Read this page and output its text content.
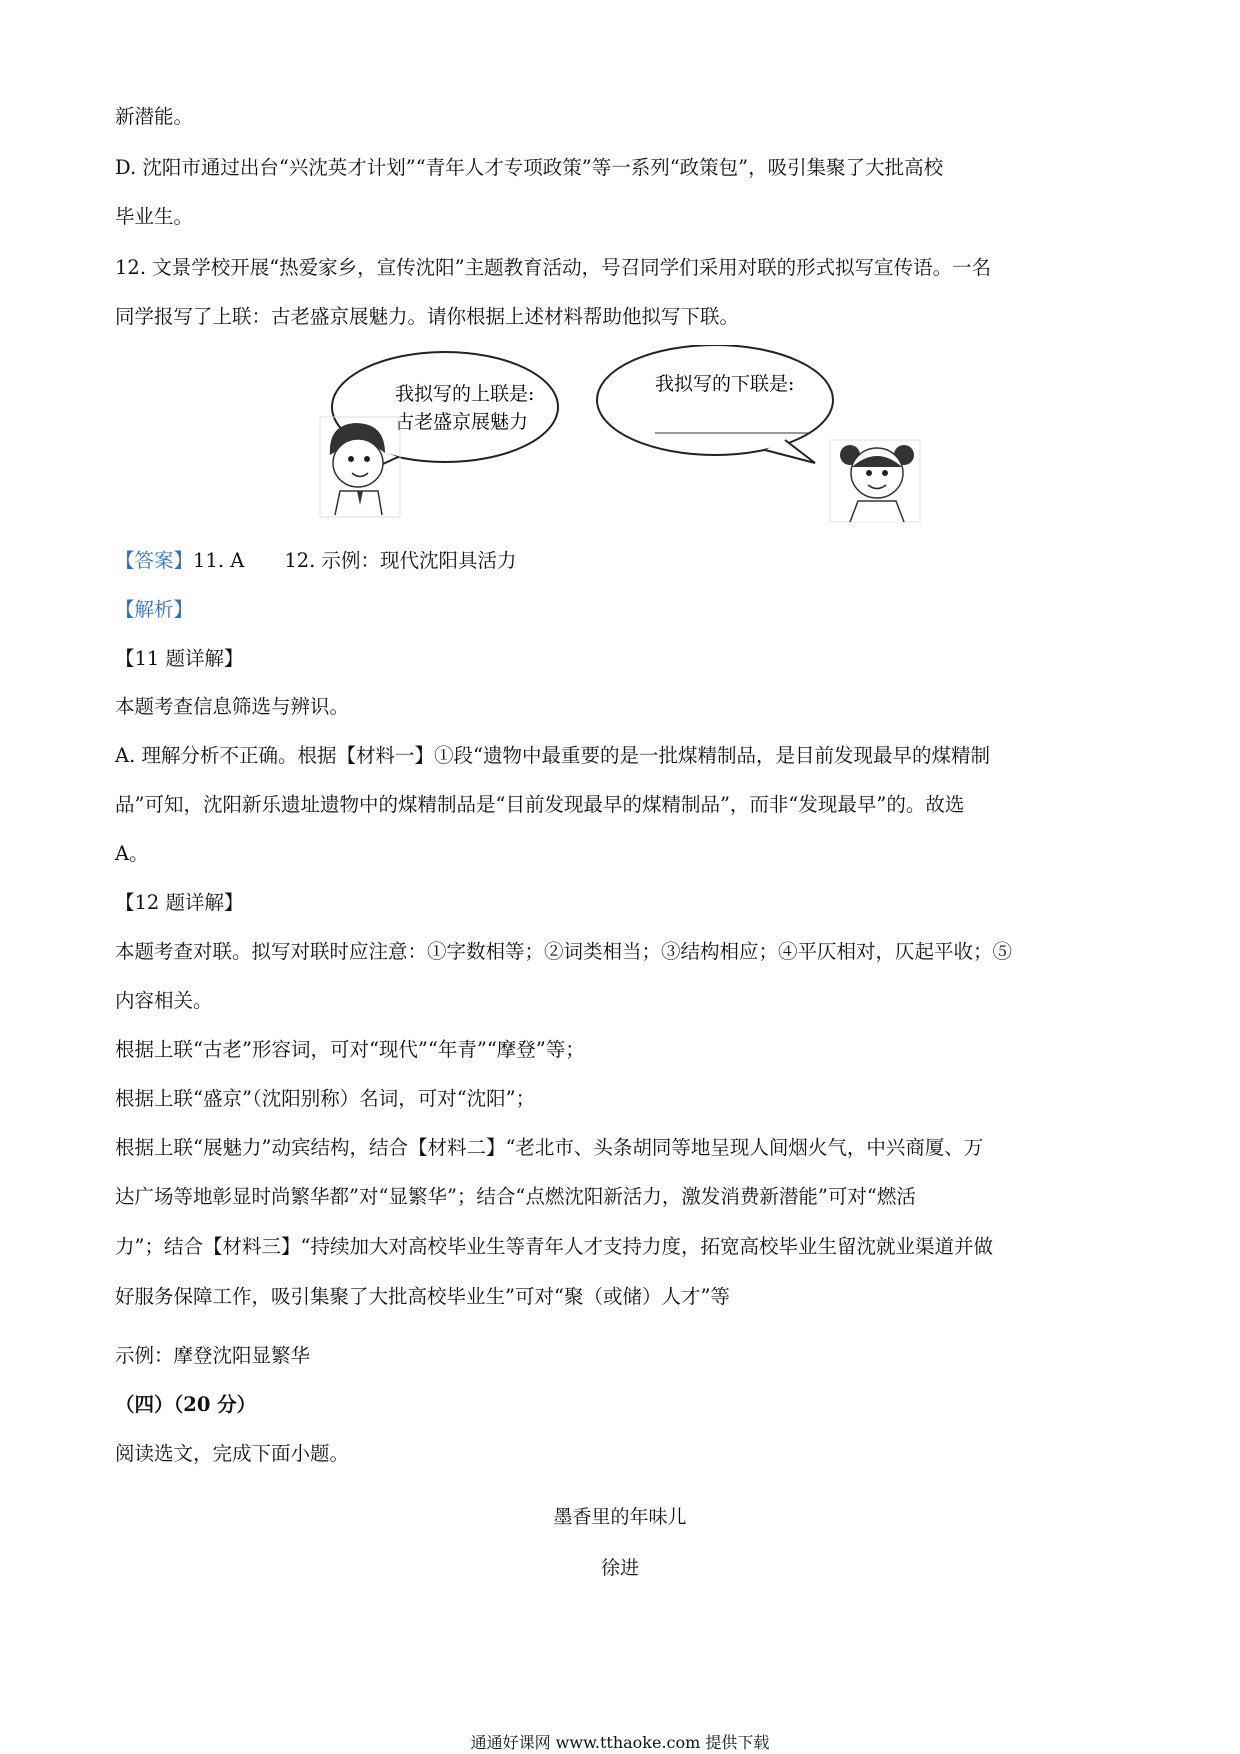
新潜能。
D. 沈阳市通过出台“兴沈英才计划”“青年人才专项政策”等一系列“政策包”，吸引集聚了大批高校
毕业生。
12. 文景学校开展“热爱家乡，宣传沈阳”主题教育活动，号召同学们采用对联的形式拟写宣传语。一名
同学报写了上联：古老盛京展魅力。请你根据上述材料帮助他拟写下联。
我拟写的上联是:
古老盛京展魅力
我拟写的下联是:
【答案】11. A 12. 示例：现代沈阳具活力
【解析】
【11 题详解】
本题考查信息筛选与辨识。
A. 理解分析不正确。根据【材料一】①段“遗物中最重要的是一批煤精制品，是目前发现最早的煤精制
品”可知，沈阳新乐遗址遗物中的煤精制品是“目前发现最早的煤精制品”，而非“发现最早”的。故选
A。
【12 题详解】
本题考查对联。拟写对联时应注意：①字数相等；②词类相当；③结构相应；④平仄相对，仄起平收；⑤
内容相关。
根据上联“古老”形容词，可对“现代”“年青”“摩登”等；
根据上联“盛京”（沈阳别称）名词，可对“沈阳”；
根据上联“展魅力”动宾结构，结合【材料二】“老北市、头条胡同等地呈现人间烟火气，中兴商厦、万
达广场等地彰显时尚繁华都”对“显繁华”；结合“点燃沈阳新活力，激发消费新潜能”可对“燃活
力”；结合【材料三】“持续加大对高校毕业生等青年人才支持力度，拓宽高校毕业生留沈就业渠道并做
好服务保障工作，吸引集聚了大批高校毕业生”可对“聚（或储）人才”等
示例：摩登沈阳显繁华
（四）（20 分）
阅读选文，完成下面小题。
墨香里的年味儿
徐进
通通好课网 www.tthaoke.com 提供下载
